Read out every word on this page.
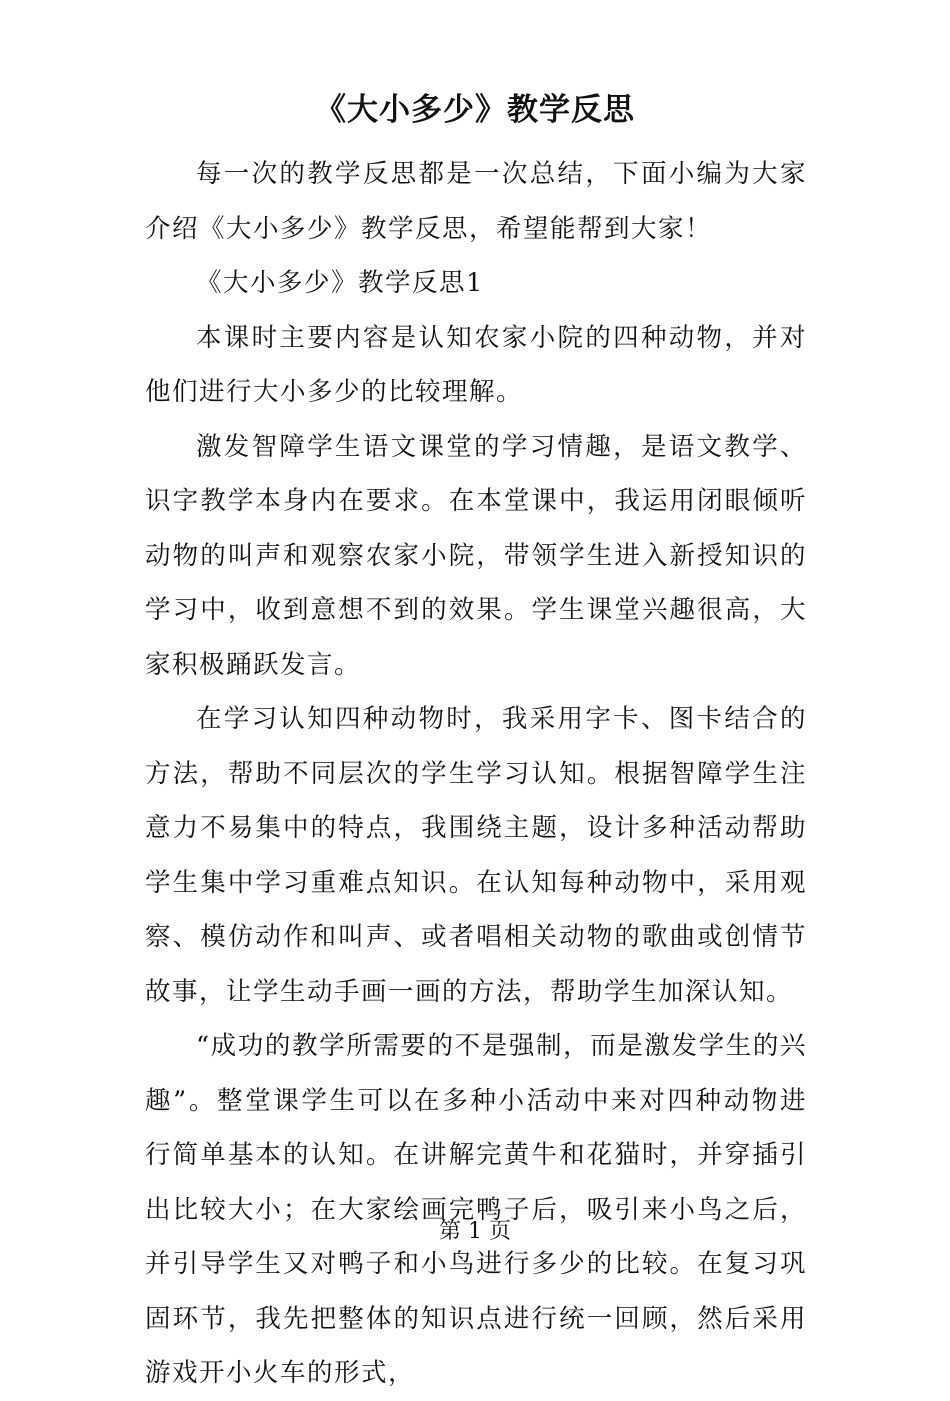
《大小多少》教学反思

每一次的教学反思都是一次总结，下面小编为大家介绍《大小多少》教学反思，希望能帮到大家！

《大小多少》教学反思1

本课时主要内容是认知农家小院的四种动物，并对他们进行大小多少的比较理解。

激发智障学生语文课堂的学习情趣，是语文教学、识字教学本身内在要求。在本堂课中，我运用闭眼倾听动物的叫声和观察农家小院，带领学生进入新授知识的学习中，收到意想不到的效果。学生课堂兴趣很高，大家积极踊跃发言。

在学习认知四种动物时，我采用字卡、图卡结合的方法，帮助不同层次的学生学习认知。根据智障学生注意力不易集中的特点，我围绕主题，设计多种活动帮助学生集中学习重难点知识。在认知每种动物中，采用观察、模仿动作和叫声、或者唱相关动物的歌曲或创情节故事，让学生动手画一画的方法，帮助学生加深认知。

“成功的教学所需要的不是强制，而是激发学生的兴趣”。整堂课学生可以在多种小活动中来对四种动物进行简单基本的认知。在讲解完黄牛和花猫时，并穿插引出比较大小；在大家绘画完鸭子后，吸引来小鸟之后，并引导学生又对鸭子和小鸟进行多少的比较。在复习巩固环节，我先把整体的知识点进行统一回顾，然后采用游戏开小火车的形式，

第 1 页
